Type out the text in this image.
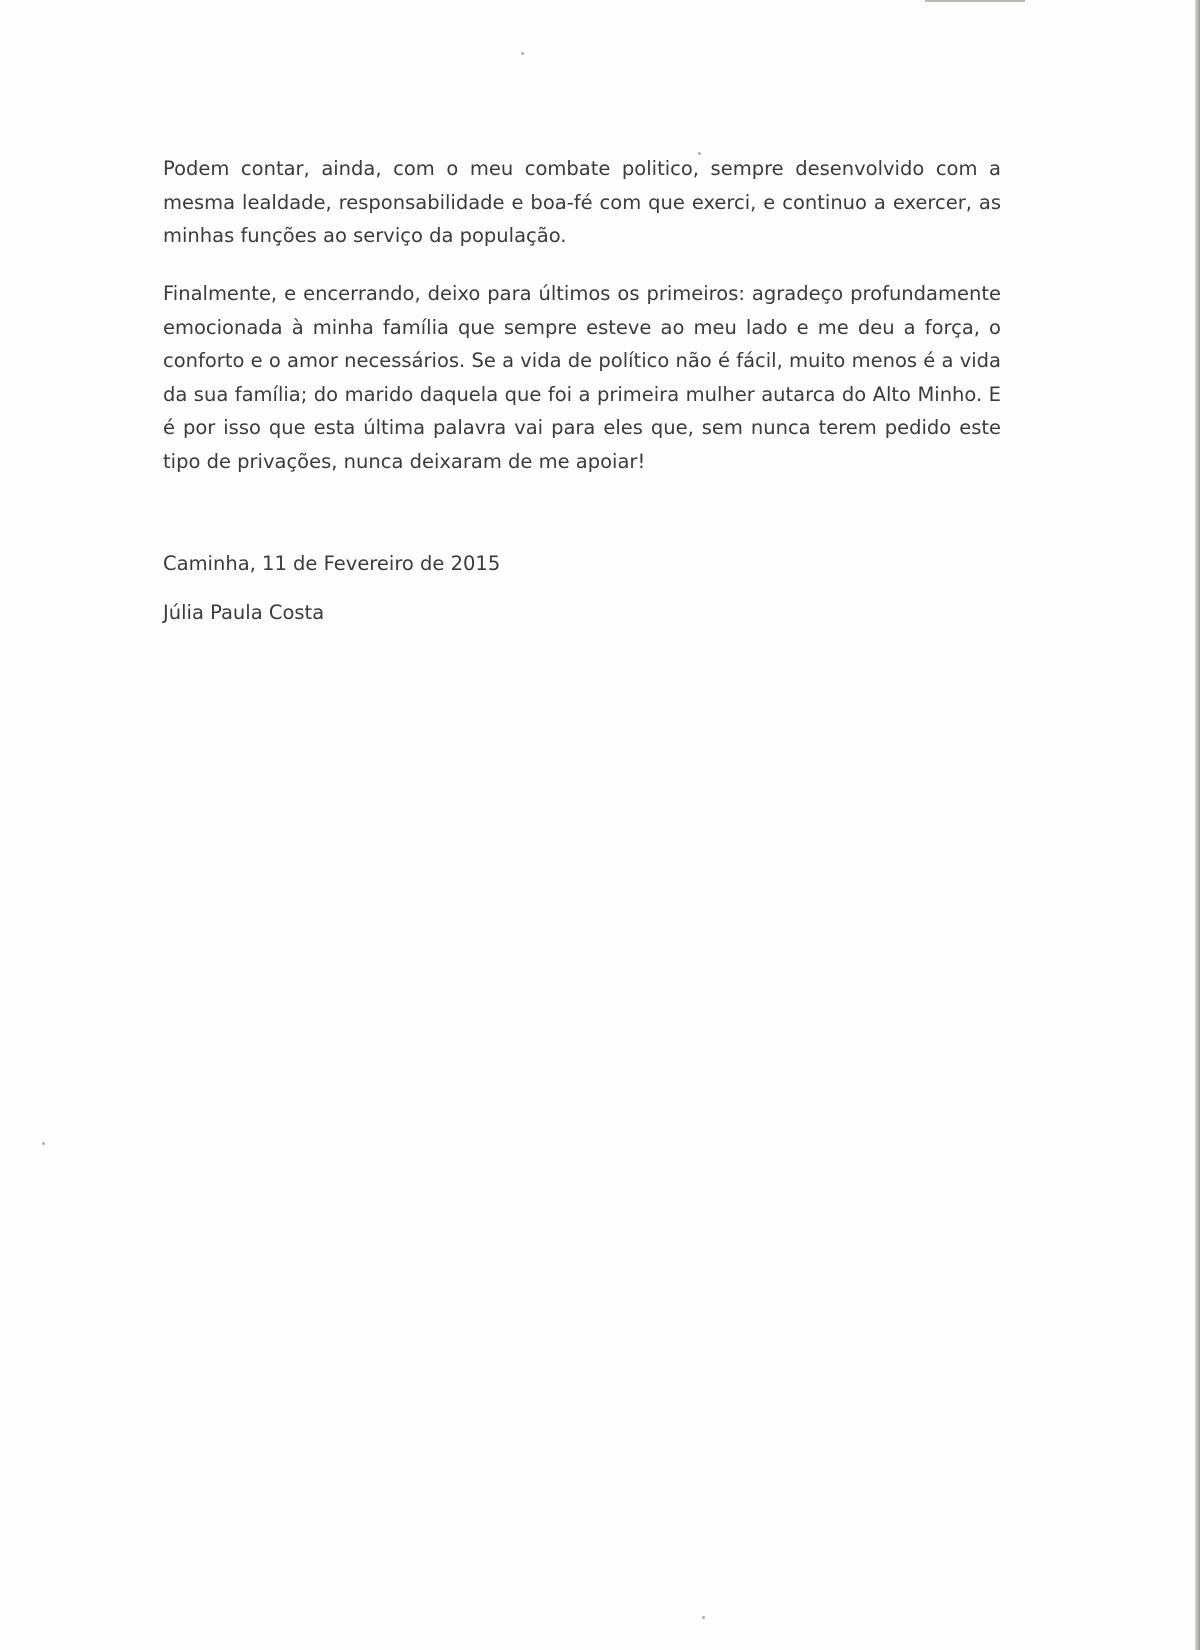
Podem contar, ainda, com o meu combate politico, sempre desenvolvido com a mesma lealdade, responsabilidade e boa-fé com que exerci, e continuo a exercer, as minhas funções ao serviço da população.

Finalmente, e encerrando, deixo para últimos os primeiros: agradeço profundamente emocionada à minha família que sempre esteve ao meu lado e me deu a força, o conforto e o amor necessários. Se a vida de político não é fácil, muito menos é a vida da sua família; do marido daquela que foi a primeira mulher autarca do Alto Minho. E é por isso que esta última palavra vai para eles que, sem nunca terem pedido este tipo de privações, nunca deixaram de me apoiar!

Caminha, 11 de Fevereiro de 2015

Júlia Paula Costa
